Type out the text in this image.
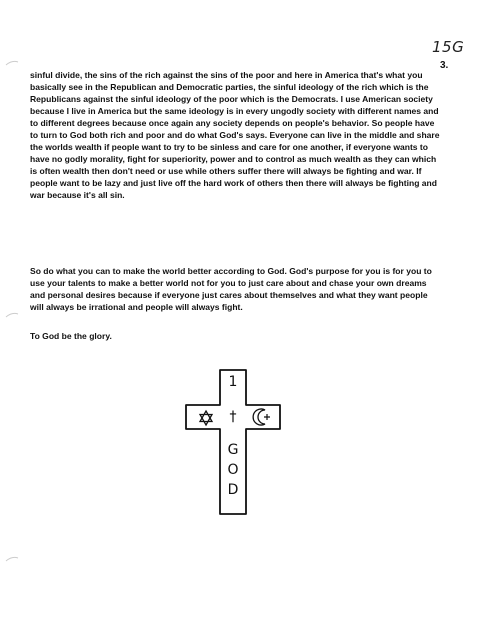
15G
3.

sinful divide, the sins of the rich against the sins of the poor and here in America that's what you basically see in the Republican and Democratic parties, the sinful ideology of the rich which is the Republicans against the sinful ideology of the poor which is the Democrats. I use American society because I live in America but the same ideology is in every ungodly society with different names and to different degrees because once again any society depends on people's behavior. So people have to turn to God both rich and poor and do what God's says. Everyone can live in the middle and share the worlds wealth if people want to try to be sinless and care for one another, if everyone wants to have no godly morality, fight for superiority, power and to control as much wealth as they can which is often wealth then don't need or use while others suffer there will always be fighting and war. If people want to be lazy and just live off the hard work of others then there will always be fighting and war because it's all sin.

So do what you can to make the world better according to God. God's purpose for you is for you to use your talents to make a better world not for you to just care about and chase your own dreams and personal desires because if everyone just cares about themselves and what they want people will always be irrational and people will always fight.

To God be the glory.

1
†
G
O
D
